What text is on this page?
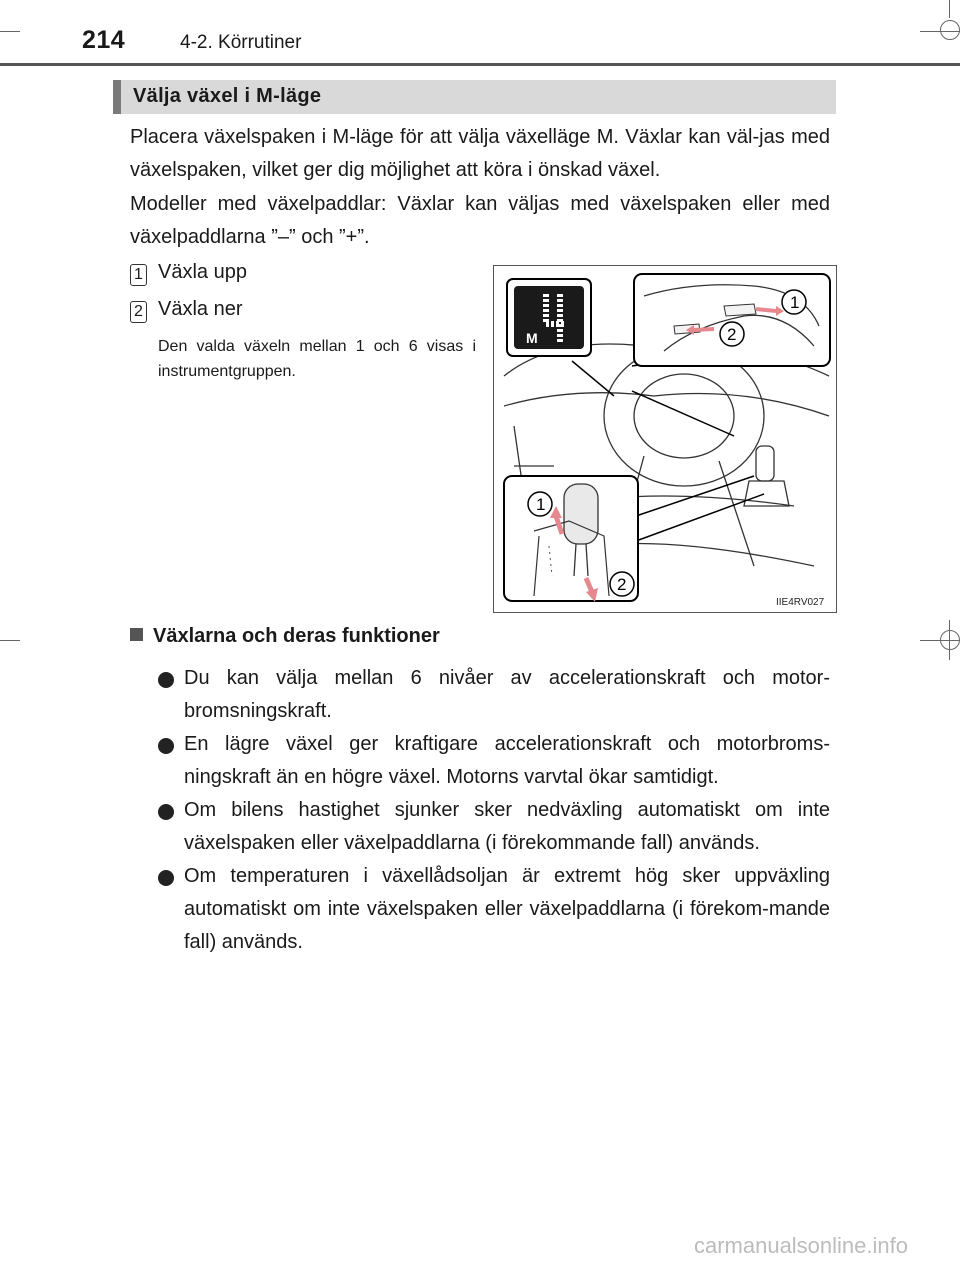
214	4-2. Körrutiner
Välja växel i M-läge
Placera växelspaken i M-läge för att välja växelläge M. Växlar kan väl-jas med växelspaken, vilket ger dig möjlighet att köra i önskad växel.
Modeller med växelpaddlar: Växlar kan väljas med växelspaken eller med växelpaddlarna ”–” och ”+”.
1 Växla upp
2 Växla ner
Den valda växeln mellan 1 och 6 visas i instrumentgruppen.
M
1
2
1
2
IIE4RV027
Växlarna och deras funktioner
Du kan välja mellan 6 nivåer av accelerationskraft och motor-bromsningskraft.
En lägre växel ger kraftigare accelerationskraft och motorbroms-ningskraft än en högre växel. Motorns varvtal ökar samtidigt.
Om bilens hastighet sjunker sker nedväxling automatiskt om inte växelspaken eller växelpaddlarna (i förekommande fall) används.
Om temperaturen i växellådsoljan är extremt hög sker uppväxling automatiskt om inte växelspaken eller växelpaddlarna (i förekom-mande fall) används.
carmanualsonline.info
